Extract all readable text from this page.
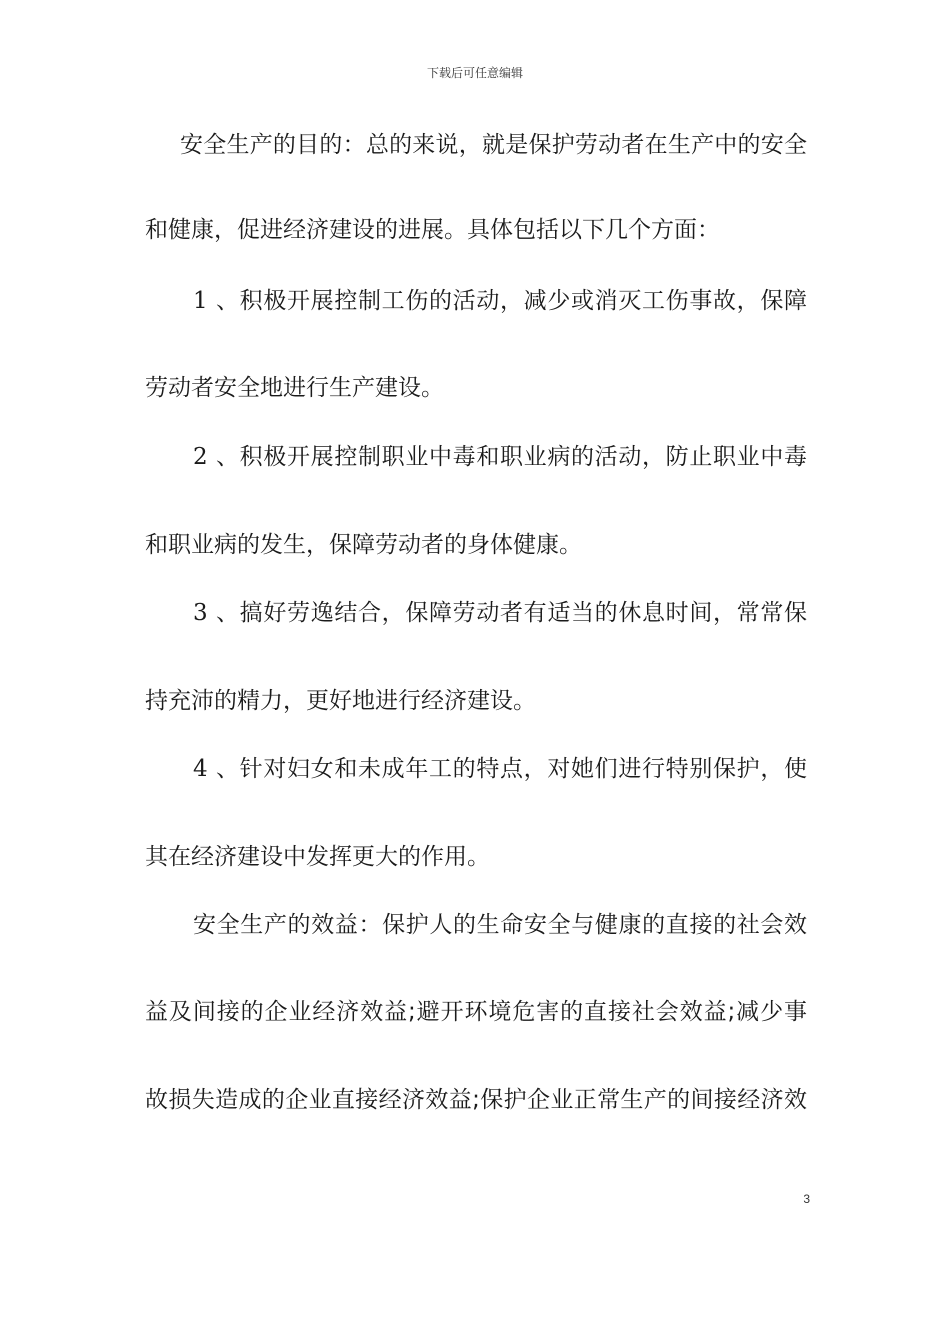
下载后可任意编辑
安全生产的目的：总的来说，就是保护劳动者在生产中的安全
和健康，促进经济建设的进展。具体包括以下几个方面：
1、积极开展控制工伤的活动，减少或消灭工伤事故，保障
劳动者安全地进行生产建设。
2、积极开展控制职业中毒和职业病的活动，防止职业中毒
和职业病的发生，保障劳动者的身体健康。
3、搞好劳逸结合，保障劳动者有适当的休息时间，常常保
持充沛的精力，更好地进行经济建设。
4、针对妇女和未成年工的特点，对她们进行特别保护，使
其在经济建设中发挥更大的作用。
安全生产的效益：保护人的生命安全与健康的直接的社会效
益及间接的企业经济效益;避开环境危害的直接社会效益;减少事
故损失造成的企业直接经济效益;保护企业正常生产的间接经济效
3
